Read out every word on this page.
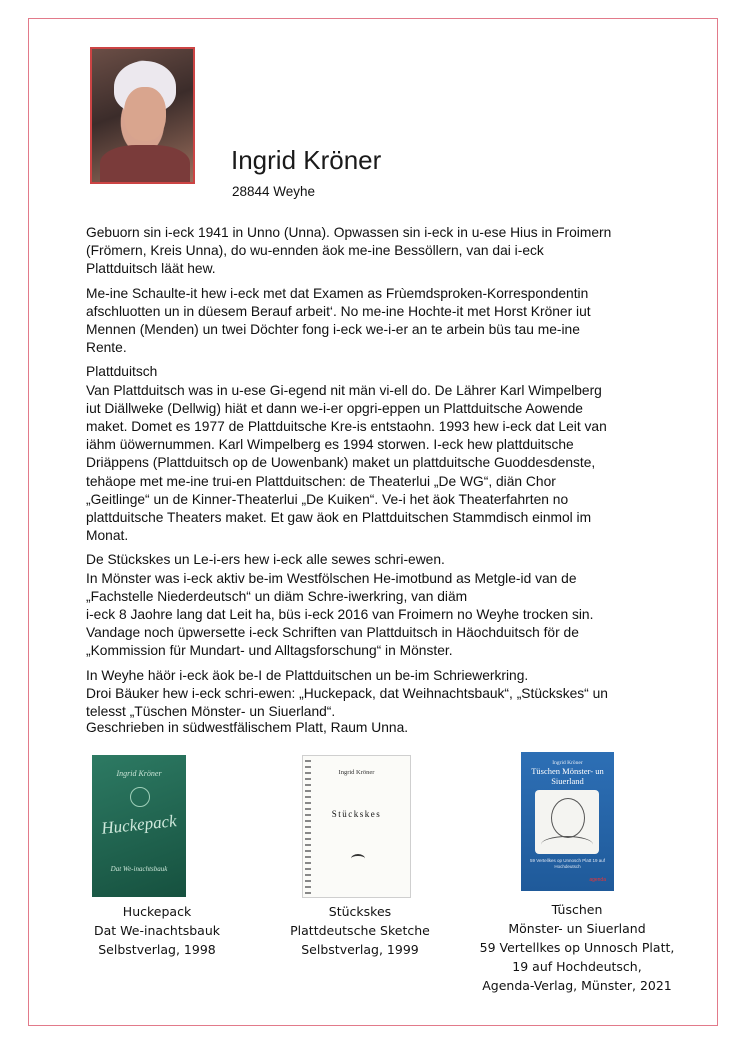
Ingrid Kröner

28844 Weyhe

Gebuorn sin i-eck 1941 in Unno (Unna). Opwassen sin i-eck in u-ese Hius in Froimern
(Frömern, Kreis Unna), do wu-ennden äok me-ine Bessöllern, van dai i-eck
Plattduitsch läät hew.

Me-ine Schaulte-it hew i-eck met dat Examen as Frùemdsproken-Korrespondentin
afschluotten un in düesem Berauf arbeit‘. No me-ine Hochte-it met Horst Kröner iut
Mennen (Menden) un twei Döchter fong i-eck we-i-er an te arbein büs tau me-ine
Rente.

Plattduitsch
Van Plattduitsch was in u-ese Gi-egend nit män vi-ell do. De Lährer Karl Wimpelberg
iut Diällweke (Dellwig) hiät et dann we-i-er opgri-eppen un Plattduitsche Aowende
maket. Domet es 1977 de Plattduitsche Kre-is entstaohn. 1993 hew i-eck dat Leit van
iähm üöwernummen. Karl Wimpelberg es 1994 storwen. I-eck hew plattduitsche
Driäppens (Plattduitsch op de Uowenbank) maket un plattduitsche Guoddesdenste,
tehäope met me-ine trui-en Plattduitschen: de Theaterlui „De WG“, diän Chor
„Geitlinge“ un de Kinner-Theaterlui „De Kuiken“. Ve-i het äok Theaterfahrten no
plattduitsche Theaters maket. Et gaw äok en Plattduitschen Stammdisch einmol im
Monat.

De Stückskes un Le-i-ers hew i-eck alle sewes schri-ewen.
In Mönster was i-eck aktiv be-im Westfölschen He-imotbund as Metgle-id van de
„Fachstelle Niederdeutsch“ un diäm Schre-iwerkring, van diäm
i-eck 8 Jaohre lang dat Leit ha, büs i-eck 2016 van Froimern no Weyhe trocken sin.
Vandage noch üpwersette i-eck Schriften van Plattduitsch in Häochduitsch för de
„Kommission für Mundart- und Alltagsforschung“ in Mönster.

In Weyhe häör i-eck äok be-I de Plattduitschen un be-im Schriewerkring.
Droi Bäuker hew i-eck schri-ewen: „Huckepack, dat Weihnachtsbauk“, „Stückskes“ un
telesst „Tüschen Mönster- un Siuerland“.

Geschrieben in südwestfälischem Platt, Raum Unna.

Ingrid Kröner
Huckepack
Dat We-inachtsbauk
Ingrid Kröner
Stückskes
Ingrid Kröner
Tüschen Mönster- un
Siuerland
59 Vertellkes op Unnosch Platt 19 auf Hochdeutsch
agenda
Huckepack
Dat We-inachtsbauk
Selbstverlag, 1998
Stückskes
Plattdeutsche Sketche
Selbstverlag, 1999
Tüschen
Mönster- un Siuerland
59 Vertellkes op Unnosch Platt,
19 auf Hochdeutsch,
Agenda-Verlag, Münster, 2021
